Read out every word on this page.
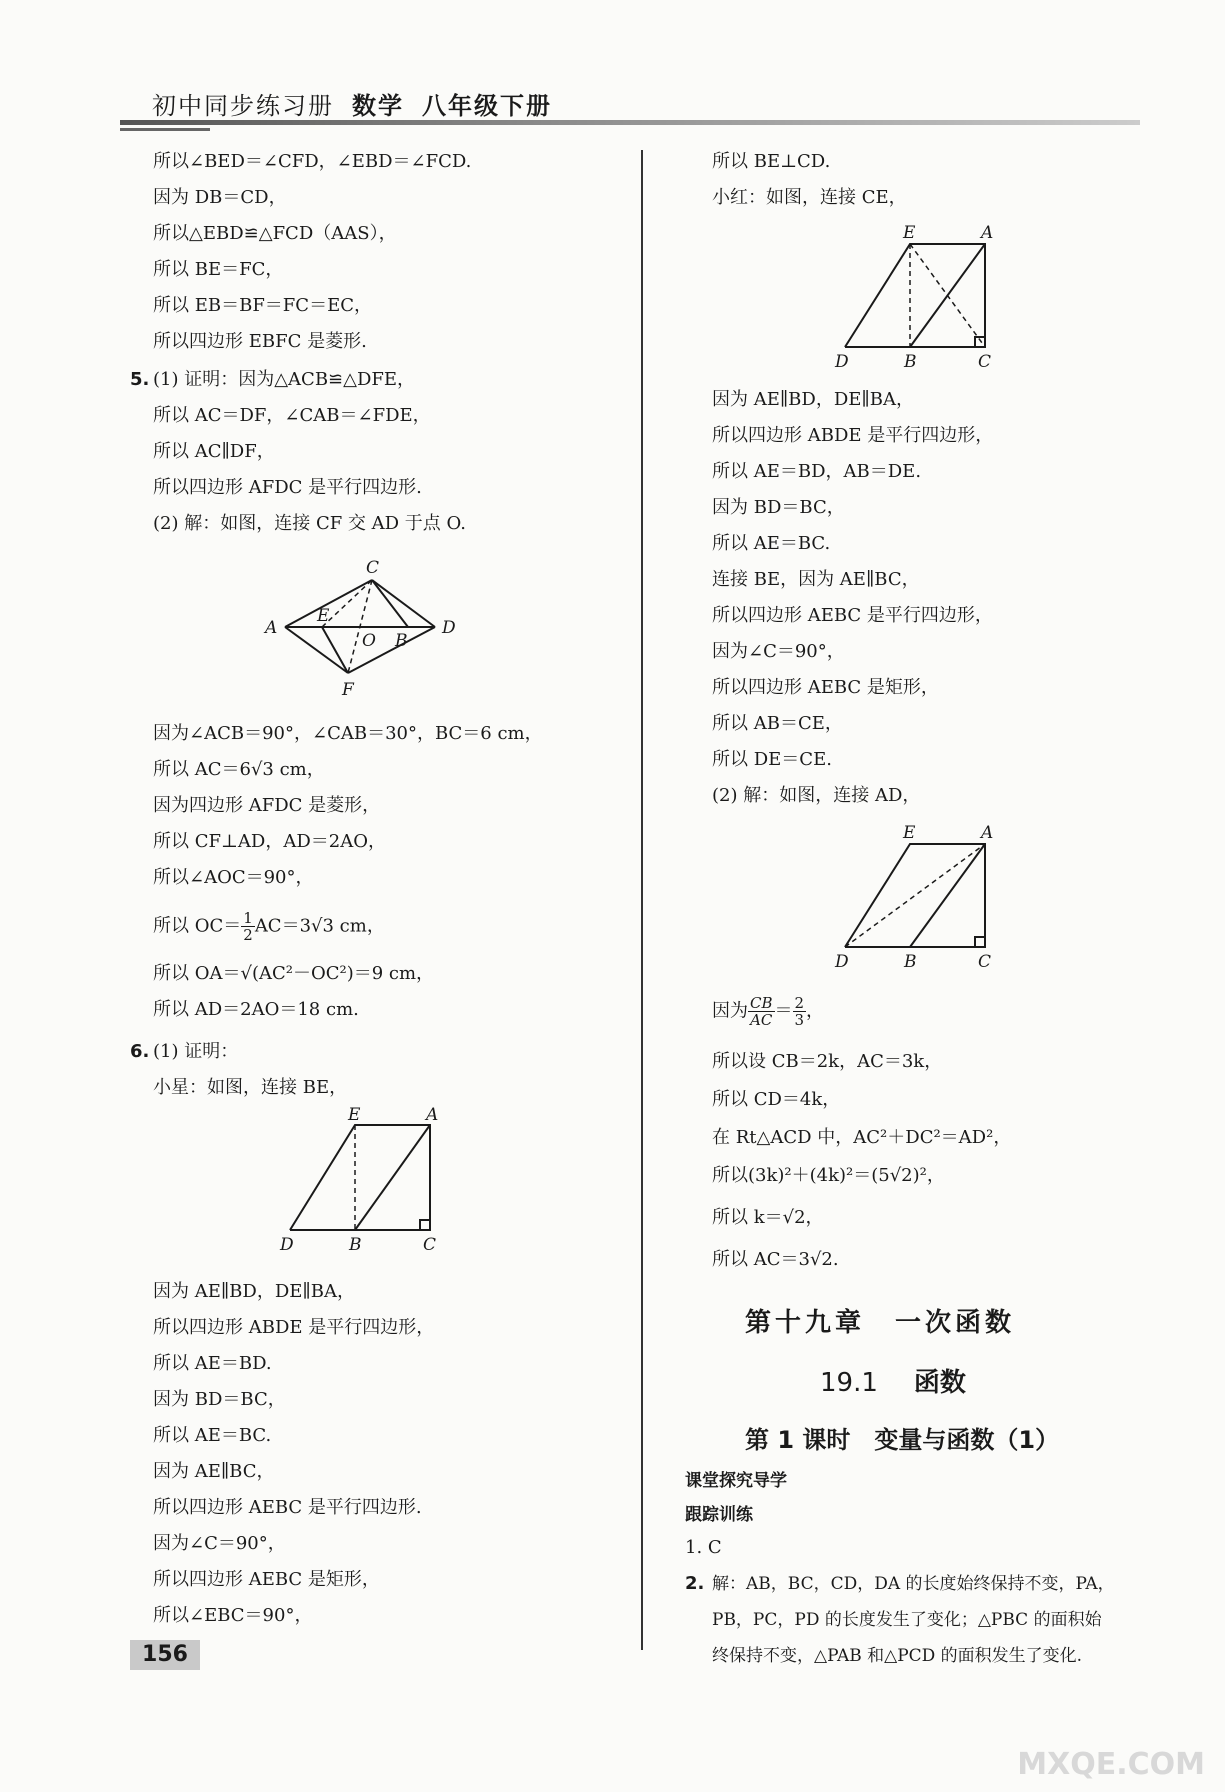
初中同步练习册 数学 八年级下册
所以∠BED＝∠CFD，∠EBD＝∠FCD.
因为 DB＝CD，
所以△EBD≌△FCD（AAS），
所以 BE＝FC，
所以 EB＝BF＝FC＝EC，
所以四边形 EBFC 是菱形.
5. (1) 证明：因为△ACB≌△DFE，
所以 AC＝DF，∠CAB＝∠FDE，
所以 AC∥DF，
所以四边形 AFDC 是平行四边形.
(2) 解：如图，连接 CF 交 AD 于点 O.
C
A	D
E
O B
F
因为∠ACB＝90°，∠CAB＝30°，BC＝6 cm，
所以 AC＝6√3 cm，
因为四边形 AFDC 是菱形，
所以 CF⊥AD，AD＝2AO，
所以∠AOC＝90°，
所以 $OC= \frac{1}{2} AC=3√3$ cm，
所以 OA＝√(AC²－OC²)＝9 cm，
所以 AD＝2AO＝18 cm.
6. (1) 证明：
小星：如图，连接 BE，
E	A
D	B	C
因为 AE∥BD，DE∥BA，
所以四边形 ABDE 是平行四边形，
所以 AE＝BD.
因为 BD＝BC，
所以 AE＝BC.
因为 AE∥BC，
所以四边形 AEBC 是平行四边形.
因为∠C＝90°，
所以四边形 AEBC 是矩形，
所以∠EBC＝90°，
156
所以 BE⊥CD.
小红：如图，连接 CE，
E	A
D	B	C
因为 AE∥BD，DE∥BA，
所以四边形 ABDE 是平行四边形，
所以 AE＝BD，AB＝DE.
因为 BD＝BC，
所以 AE＝BC.
连接 BE，因为 AE∥BC，
所以四边形 AEBC 是平行四边形，
因为∠C＝90°，
所以四边形 AEBC 是矩形，
所以 AB＝CE，
所以 DE＝CE.
(2) 解：如图，连接 AD，
E	A
D	B	C
因为 $\frac{CB}{AC} = \frac{2}{3}$ ，
所以设 CB＝2k，AC＝3k，
所以 CD＝4k，
在 Rt△ACD 中，AC²＋DC²＝AD²，
所以(3k)²＋(4k)²＝(5√2)²，
所以 k＝√2，
所以 AC＝3√2.
第十九章　一次函数
19.1 函数
第 1 课时　变量与函数（1）
课堂探究导学
跟踪训练
1. C
2. 解：AB，BC，CD，DA 的长度始终保持不变，PA，
PB，PC，PD 的长度发生了变化；△PBC 的面积始
终保持不变，△PAB 和△PCD 的面积发生了变化.
MXQE.COM
